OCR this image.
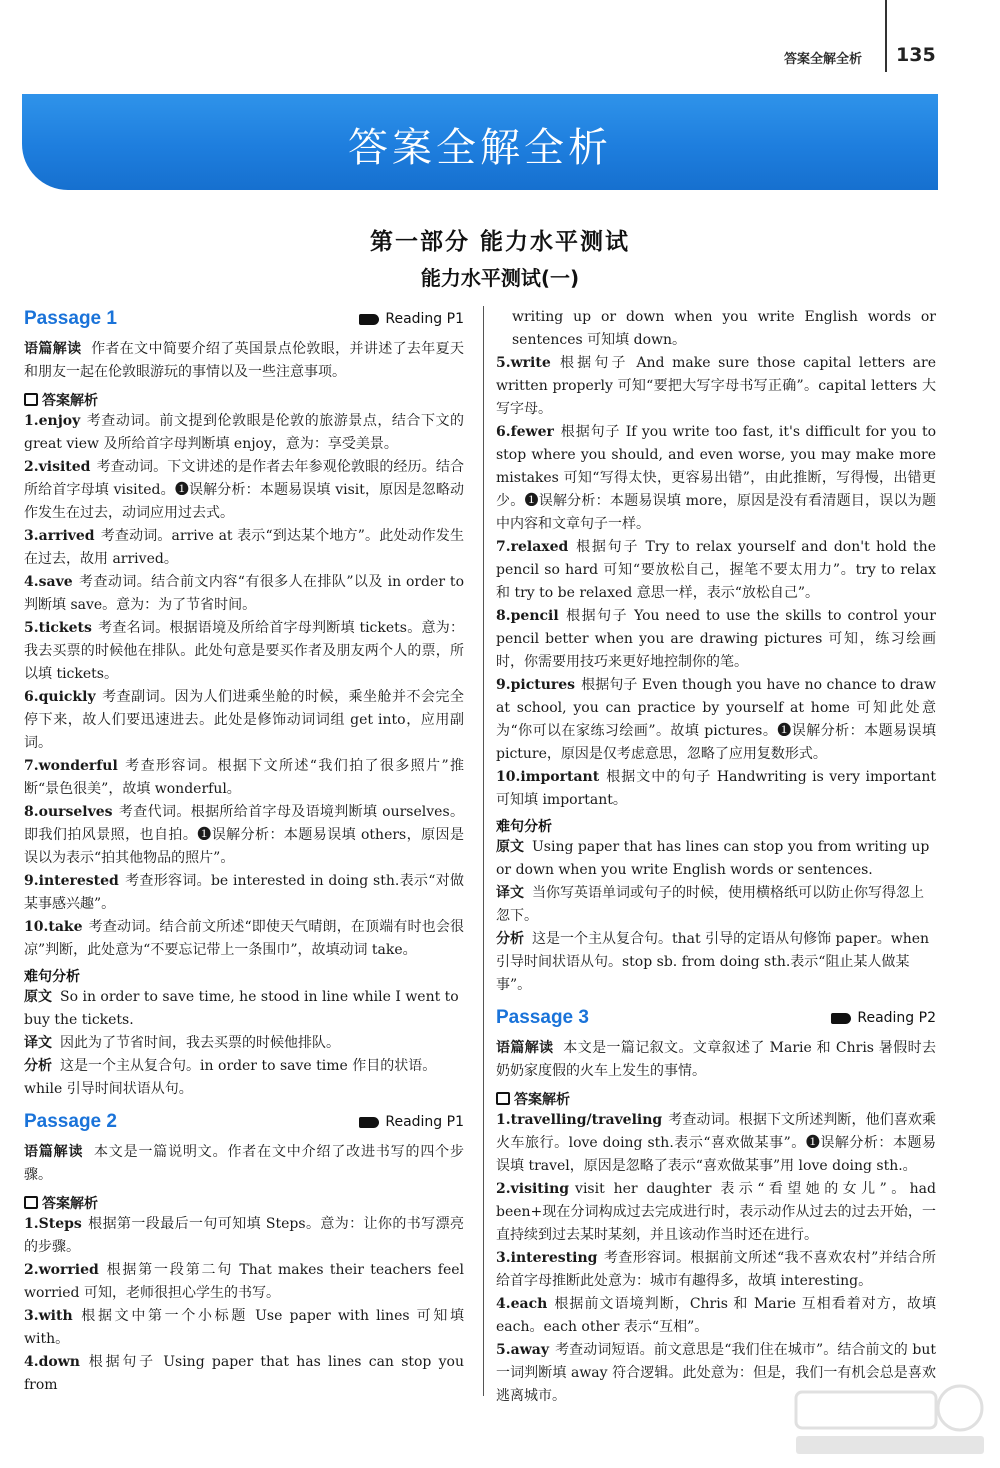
答案全解全析 135
答案全解全析
第一部分 能力水平测试
能力水平测试(一)
Passage 1	Reading P1
语篇解读 作者在文中简要介绍了英国景点伦敦眼，并讲述了去年夏天和朋友一起在伦敦眼游玩的事情以及一些注意事项。
答案解析
1.enjoy 考查动词。前文提到伦敦眼是伦敦的旅游景点，结合下文的 great view 及所给首字母判断填 enjoy，意为：享受美景。
2.visited 考查动词。下文讲述的是作者去年参观伦敦眼的经历。结合所给首字母填 visited。❶误解分析：本题易误填 visit，原因是忽略动作发生在过去，动词应用过去式。
3.arrived 考查动词。arrive at 表示“到达某个地方”。此处动作发生在过去，故用 arrived。
4.save 考查动词。结合前文内容“有很多人在排队”以及 in order to 判断填 save。意为：为了节省时间。
5.tickets 考查名词。根据语境及所给首字母判断填 tickets。意为：我去买票的时候他在排队。此处句意是要买作者及朋友两个人的票，所以填 tickets。
6.quickly 考查副词。因为人们进乘坐舱的时候，乘坐舱并不会完全停下来，故人们要迅速进去。此处是修饰动词词组 get into，应用副词。
7.wonderful 考查形容词。根据下文所述“我们拍了很多照片”推断“景色很美”，故填 wonderful。
8.ourselves 考查代词。根据所给首字母及语境判断填 ourselves。即我们拍风景照，也自拍。❶误解分析：本题易误填 others，原因是误以为表示“拍其他物品的照片”。
9.interested 考查形容词。be interested in doing sth.表示“对做某事感兴趣”。
10.take 考查动词。结合前文所述“即使天气晴朗，在顶端有时也会很凉”判断，此处意为“不要忘记带上一条围巾”，故填动词 take。
难句分析
原文 So in order to save time, he stood in line while I went to buy the tickets.
译文 因此为了节省时间，我去买票的时候他排队。
分析 这是一个主从复合句。in order to save time 作目的状语。while 引导时间状语从句。
Passage 2	Reading P1
语篇解读 本文是一篇说明文。作者在文中介绍了改进书写的四个步骤。
答案解析
1.Steps 根据第一段最后一句可知填 Steps。意为：让你的书写漂亮的步骤。
2.worried 根据第一段第二句 That makes their teachers feel worried 可知，老师很担心学生的书写。
3.with 根据文中第一个小标题 Use paper with lines 可知填 with。
4.down 根据句子 Using paper that has lines can stop you from
writing up or down when you write English words or sentences 可知填 down。
5.write 根据句子 And make sure those capital letters are written properly 可知“要把大写字母书写正确”。capital letters 大写字母。
6.fewer 根据句子 If you write too fast, it's difficult for you to stop where you should, and even worse, you may make more mistakes 可知“写得太快，更容易出错”，由此推断，写得慢，出错更少。❶误解分析：本题易误填 more，原因是没有看清题目，误以为题中内容和文章句子一样。
7.relaxed 根据句子 Try to relax yourself and don't hold the pencil so hard 可知“要放松自己，握笔不要太用力”。try to relax 和 try to be relaxed 意思一样，表示“放松自己”。
8.pencil 根据句子 You need to use the skills to control your pencil better when you are drawing pictures 可知，练习绘画时，你需要用技巧来更好地控制你的笔。
9.pictures 根据句子 Even though you have no chance to draw at school, you can practice by yourself at home 可知此处意为“你可以在家练习绘画”。故填 pictures。❶误解分析：本题易误填 picture，原因是仅考虑意思，忽略了应用复数形式。
10.important 根据文中的句子 Handwriting is very important 可知填 important。
难句分析
原文 Using paper that has lines can stop you from writing up or down when you write English words or sentences.
译文 当你写英语单词或句子的时候，使用横格纸可以防止你写得忽上忽下。
分析 这是一个主从复合句。that 引导的定语从句修饰 paper。when 引导时间状语从句。stop sb. from doing sth.表示“阻止某人做某事”。
Passage 3	Reading P2
语篇解读 本文是一篇记叙文。文章叙述了 Marie 和 Chris 暑假时去奶奶家度假的火车上发生的事情。
答案解析
1.travelling/traveling 考查动词。根据下文所述判断，他们喜欢乘火车旅行。love doing sth.表示“喜欢做某事”。❶误解分析：本题易误填 travel，原因是忽略了表示“喜欢做某事”用 love doing sth.。
2.visiting visit her daughter 表示“看望她的女儿”。had been+现在分词构成过去完成进行时，表示动作从过去的过去开始，一直持续到过去某时某刻，并且该动作当时还在进行。
3.interesting 考查形容词。根据前文所述“我不喜欢农村”并结合所给首字母推断此处意为：城市有趣得多，故填 interesting。
4.each 根据前文语境判断，Chris 和 Marie 互相看着对方，故填 each。each other 表示“互相”。
5.away 考查动词短语。前文意思是“我们住在城市”。结合前文的 but 一词判断填 away 符合逻辑。此处意为：但是，我们一有机会总是喜欢逃离城市。
